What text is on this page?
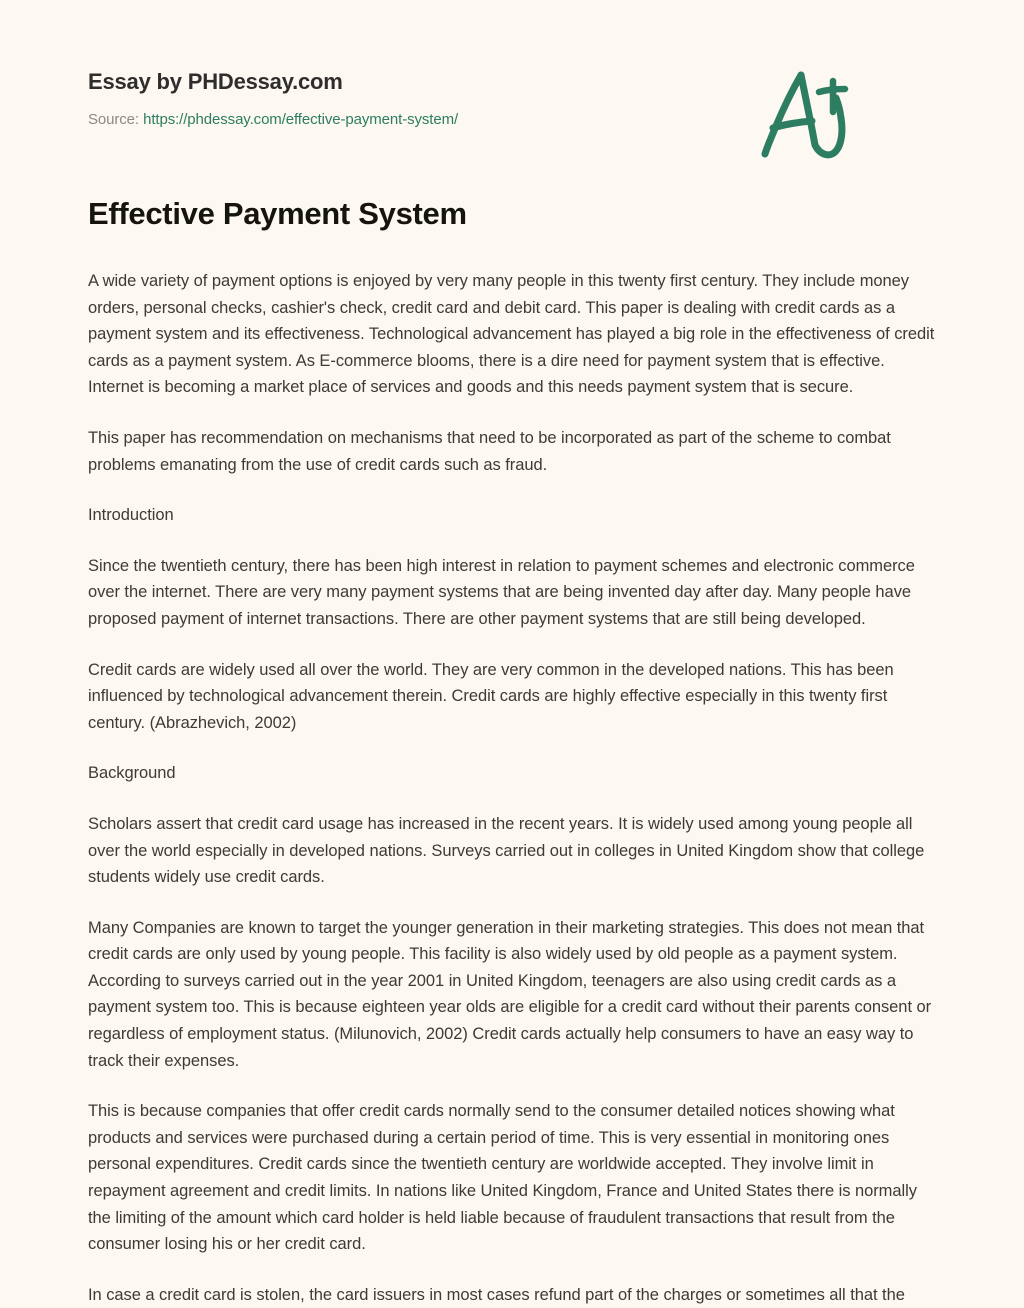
Essay by PHDessay.com
Source: https://phdessay.com/effective-payment-system/
Effective Payment System

A wide variety of payment options is enjoyed by very many people in this twenty first century. They include money orders, personal checks, cashier's check, credit card and debit card. This paper is dealing with credit cards as a payment system and its effectiveness. Technological advancement has played a big role in the effectiveness of credit cards as a payment system. As E-commerce blooms, there is a dire need for payment system that is effective. Internet is becoming a market place of services and goods and this needs payment system that is secure.

This paper has recommendation on mechanisms that need to be incorporated as part of the scheme to combat problems emanating from the use of credit cards such as fraud.

Introduction

Since the twentieth century, there has been high interest in relation to payment schemes and electronic commerce over the internet. There are very many payment systems that are being invented day after day. Many people have proposed payment of internet transactions. There are other payment systems that are still being developed.

Credit cards are widely used all over the world. They are very common in the developed nations. This has been influenced by technological advancement therein. Credit cards are highly effective especially in this twenty first century. (Abrazhevich, 2002)

Background

Scholars assert that credit card usage has increased in the recent years. It is widely used among young people all over the world especially in developed nations. Surveys carried out in colleges in United Kingdom show that college students widely use credit cards.

Many Companies are known to target the younger generation in their marketing strategies. This does not mean that credit cards are only used by young people. This facility is also widely used by old people as a payment system. According to surveys carried out in the year 2001 in United Kingdom, teenagers are also using credit cards as a payment system too. This is because eighteen year olds are eligible for a credit card without their parents consent or regardless of employment status. (Milunovich, 2002) Credit cards actually help consumers to have an easy way to track their expenses.

This is because companies that offer credit cards normally send to the consumer detailed notices showing what products and services were purchased during a certain period of time. This is very essential in monitoring ones personal expenditures. Credit cards since the twentieth century are worldwide accepted. They involve limit in repayment agreement and credit limits. In nations like United Kingdom, France and United States there is normally the limiting of the amount which card holder is held liable because of fraudulent transactions that result from the consumer losing his or her credit card.

In case a credit card is stolen, the card issuers in most cases refund part of the charges or sometimes all that the
